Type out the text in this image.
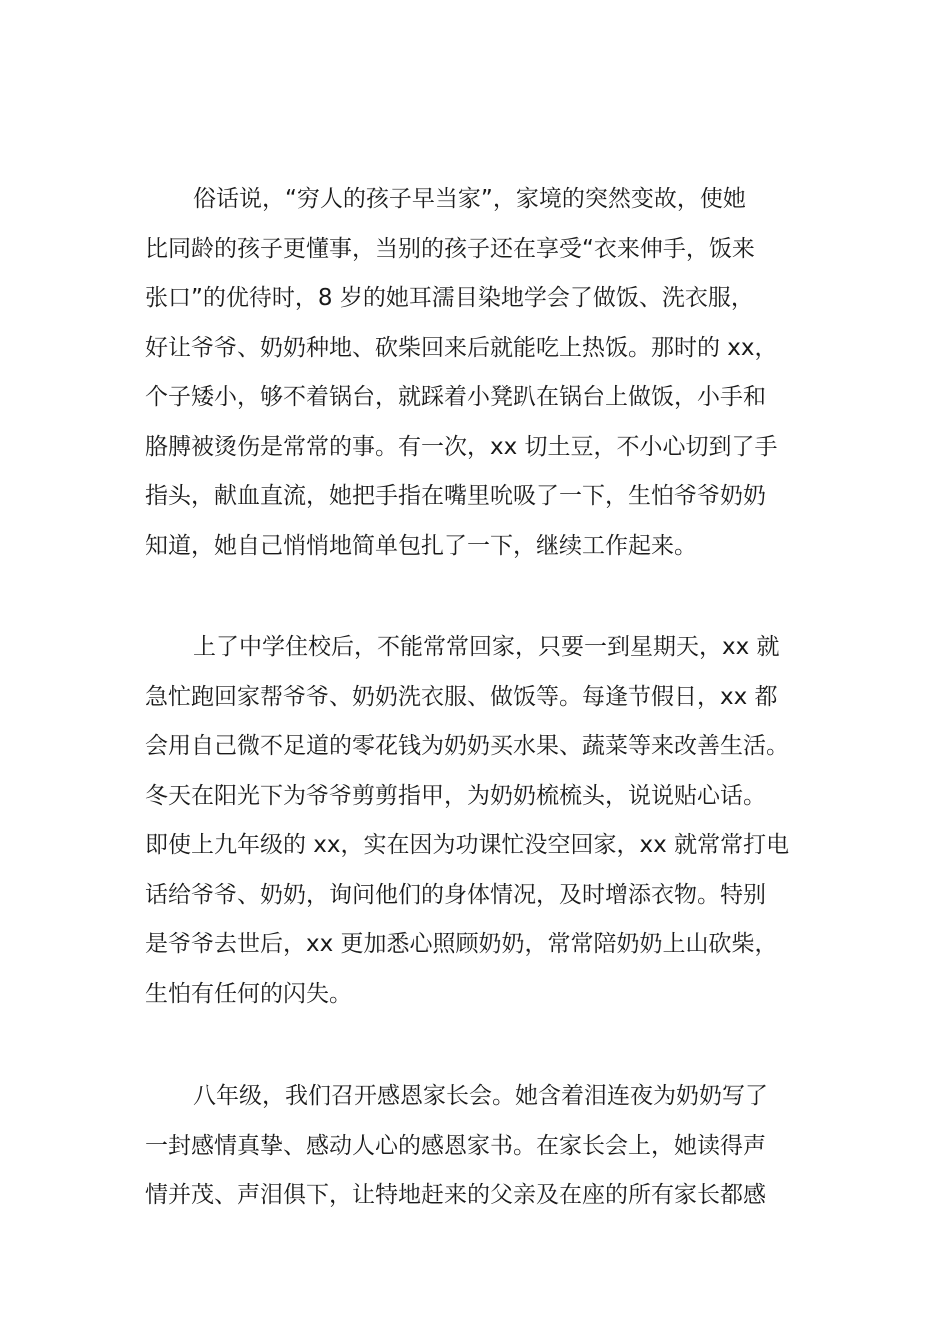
俗话说，“穷人的孩子早当家”，家境的突然变故，使她
比同龄的孩子更懂事，当别的孩子还在享受“衣来伸手，饭来
张口”的优待时，8 岁的她耳濡目染地学会了做饭、洗衣服，
好让爷爷、奶奶种地、砍柴回来后就能吃上热饭。那时的 xx，
个子矮小，够不着锅台，就踩着小凳趴在锅台上做饭，小手和
胳膊被烫伤是常常的事。有一次，xx 切土豆，不小心切到了手
指头，献血直流，她把手指在嘴里吮吸了一下，生怕爷爷奶奶
知道，她自己悄悄地简单包扎了一下，继续工作起来。
上了中学住校后，不能常常回家，只要一到星期天，xx 就
急忙跑回家帮爷爷、奶奶洗衣服、做饭等。每逢节假日，xx 都
会用自己微不足道的零花钱为奶奶买水果、蔬菜等来改善生活。
冬天在阳光下为爷爷剪剪指甲，为奶奶梳梳头，说说贴心话。
即使上九年级的 xx，实在因为功课忙没空回家，xx 就常常打电
话给爷爷、奶奶，询问他们的身体情况，及时增添衣物。特别
是爷爷去世后，xx 更加悉心照顾奶奶，常常陪奶奶上山砍柴，
生怕有任何的闪失。
八年级，我们召开感恩家长会。她含着泪连夜为奶奶写了
一封感情真挚、感动人心的感恩家书。在家长会上，她读得声
情并茂、声泪俱下，让特地赶来的父亲及在座的所有家长都感
